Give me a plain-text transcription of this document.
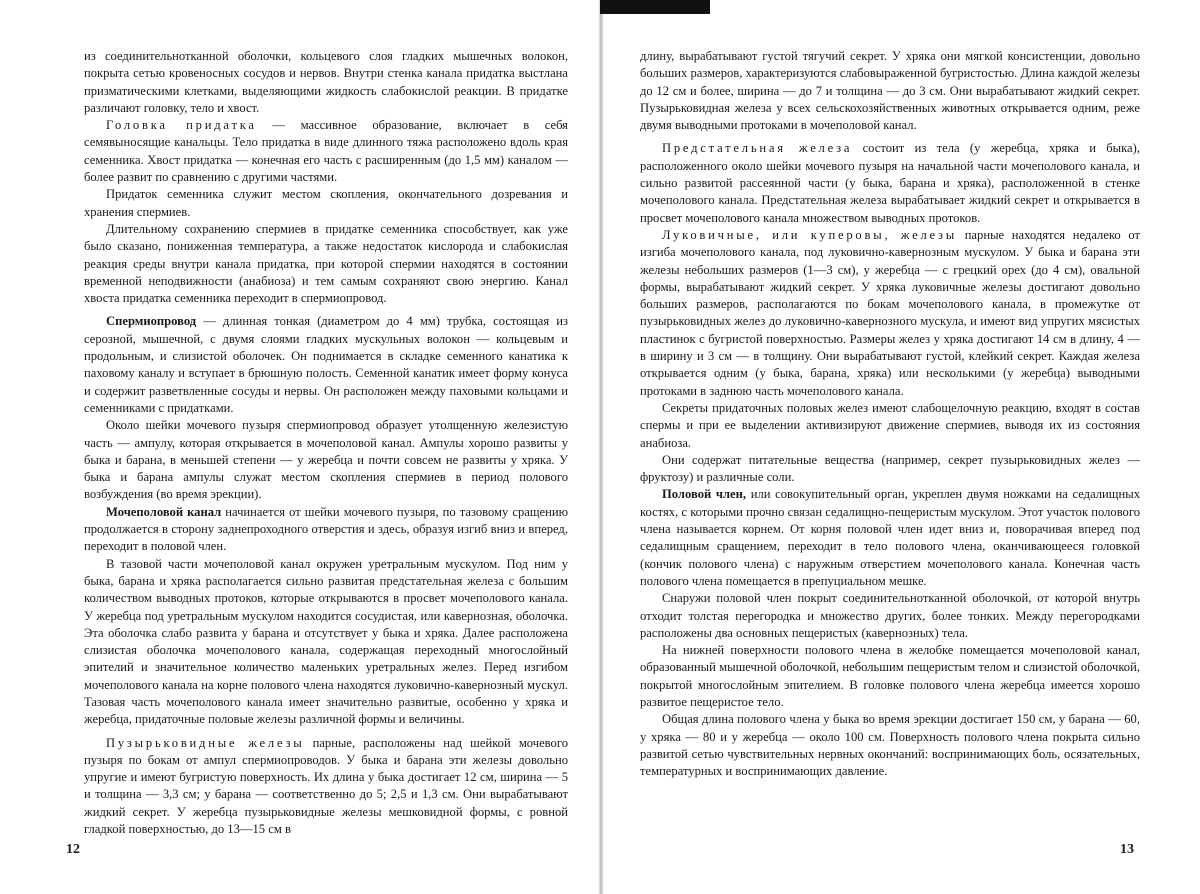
из соединительнотканной оболочки, кольцевого слоя гладких мышечных волокон, покрыта сетью кровеносных сосудов и нервов. Внутри стенка канала придатка выстлана призматическими клетками, выделяющими жидкость слабокислой реакции. В придатке различают головку, тело и хвост.

Головка придатка — массивное образование, включает в себя семявыносящие канальцы. Тело придатка в виде длинного тяжа расположено вдоль края семенника. Хвост придатка — конечная его часть с расширенным (до 1,5 мм) каналом — более развит по сравнению с другими частями.

Придаток семенника служит местом скопления, окончательного дозревания и хранения спермиев.

Длительному сохранению спермиев в придатке семенника способствует, как уже было сказано, пониженная температура, а также недостаток кислорода и слабокислая реакция среды внутри канала придатка, при которой спермии находятся в состоянии временной неподвижности (анабиоза) и тем самым сохраняют свою энергию. Канал хвоста придатка семенника переходит в спермиопровод.

Спермиопровод — длинная тонкая (диаметром до 4 мм) трубка, состоящая из серозной, мышечной, с двумя слоями гладких мускульных волокон — кольцевым и продольным, и слизистой оболочек. Он поднимается в складке семенного канатика к паховому каналу и вступает в брюшную полость. Семенной канатик имеет форму конуса и содержит разветвленные сосуды и нервы. Он расположен между паховыми кольцами и семенниками с придатками.

Около шейки мочевого пузыря спермиопровод образует утолщенную железистую часть — ампулу, которая открывается в мочеполовой канал. Ампулы хорошо развиты у быка и барана, в меньшей степени — у жеребца и почти совсем не развиты у хряка. У быка и барана ампулы служат местом скопления спермиев в период полового возбуждения (во время эрекции).

Мочеполовой канал начинается от шейки мочевого пузыря, по тазовому сращению продолжается в сторону заднепроходного отверстия и здесь, образуя изгиб вниз и вперед, переходит в половой член.

В тазовой части мочеполовой канал окружен уретральным мускулом. Под ним у быка, барана и хряка располагается сильно развитая предстательная железа с большим количеством выводных протоков, которые открываются в просвет мочеполового канала. У жеребца под уретральным мускулом находится сосудистая, или кавернозная, оболочка. Эта оболочка слабо развита у барана и отсутствует у быка и хряка. Далее расположена слизистая оболочка мочеполового канала, содержащая переходный многослойный эпителий и значительное количество маленьких уретральных желез. Перед изгибом мочеполового канала на корне полового члена находятся луковично-кавернозный мускул. Тазовая часть мочеполового канала имеет значительно развитые, особенно у хряка и жеребца, придаточные половые железы различной формы и величины.

Пузырьковидные железы парные, расположены над шейкой мочевого пузыря по бокам от ампул спермиопроводов. У быка и барана эти железы довольно упругие и имеют бугристую поверхность. Их длина у быка достигает 12 см, ширина — 5 и толщина — 3,3 см; у барана — соответственно до 5; 2,5 и 1,3 см. Они вырабатывают жидкий секрет. У жеребца пузырьковидные железы мешковидной формы, с ровной гладкой поверхностью, до 13—15 см в

12

длину, вырабатывают густой тягучий секрет. У хряка они мягкой консистенции, довольно больших размеров, характеризуются слабовыраженной бугристостью. Длина каждой железы до 12 см и более, ширина — до 7 и толщина — до 3 см. Они вырабатывают жидкий секрет. Пузырьковидная железа у всех сельскохозяйственных животных открывается одним, реже двумя выводными протоками в мочеполовой канал.

Предстательная железа состоит из тела (у жеребца, хряка и быка), расположенного около шейки мочевого пузыря на начальной части мочеполового канала, и сильно развитой рассеянной части (у быка, барана и хряка), расположенной в стенке мочеполового канала. Предстательная железа вырабатывает жидкий секрет и открывается в просвет мочеполового канала множеством выводных протоков.

Луковичные, или куперовы, железы парные находятся недалеко от изгиба мочеполового канала, под луковично-кавернозным мускулом. У быка и барана эти железы небольших размеров (1—3 см), у жеребца — с грецкий орех (до 4 см), овальной формы, вырабатывают жидкий секрет. У хряка луковичные железы достигают довольно больших размеров, располагаются по бокам мочеполового канала, в промежутке от пузырьковидных желез до луковично-кавернозного мускула, и имеют вид упругих мясистых пластинок с бугристой поверхностью. Размеры желез у хряка достигают 14 см в длину, 4 — в ширину и 3 см — в толщину. Они вырабатывают густой, клейкий секрет. Каждая железа открывается одним (у быка, барана, хряка) или несколькими (у жеребца) выводными протоками в заднюю часть мочеполового канала.

Секреты придаточных половых желез имеют слабощелочную реакцию, входят в состав спермы и при ее выделении активизируют движение спермиев, выводя их из состояния анабиоза.

Они содержат питательные вещества (например, секрет пузырьковидных желез — фруктозу) и различные соли.

Половой член, или совокупительный орган, укреплен двумя ножками на седалищных костях, с которыми прочно связан седалищно-пещеристым мускулом. Этот участок полового члена называется корнем. От корня половой член идет вниз и, поворачивая вперед под седалищным сращением, переходит в тело полового члена, оканчивающееся головкой (кончик полового члена) с наружным отверстием мочеполового канала. Конечная часть полового члена помещается в препуциальном мешке.

Снаружи половой член покрыт соединительнотканной оболочкой, от которой внутрь отходит толстая перегородка и множество других, более тонких. Между перегородками расположены два основных пещеристых (кавернозных) тела.

На нижней поверхности полового члена в желобке помещается мочеполовой канал, образованный мышечной оболочкой, небольшим пещеристым телом и слизистой оболочкой, покрытой многослойным эпителием. В головке полового члена жеребца имеется хорошо развитое пещеристое тело.

Общая длина полового члена у быка во время эрекции достигает 150 см, у барана — 60, у хряка — 80 и у жеребца — около 100 см. Поверхность полового члена покрыта сильно развитой сетью чувствительных нервных окончаний: воспринимающих боль, осязательных, температурных и воспринимающих давление.

13
